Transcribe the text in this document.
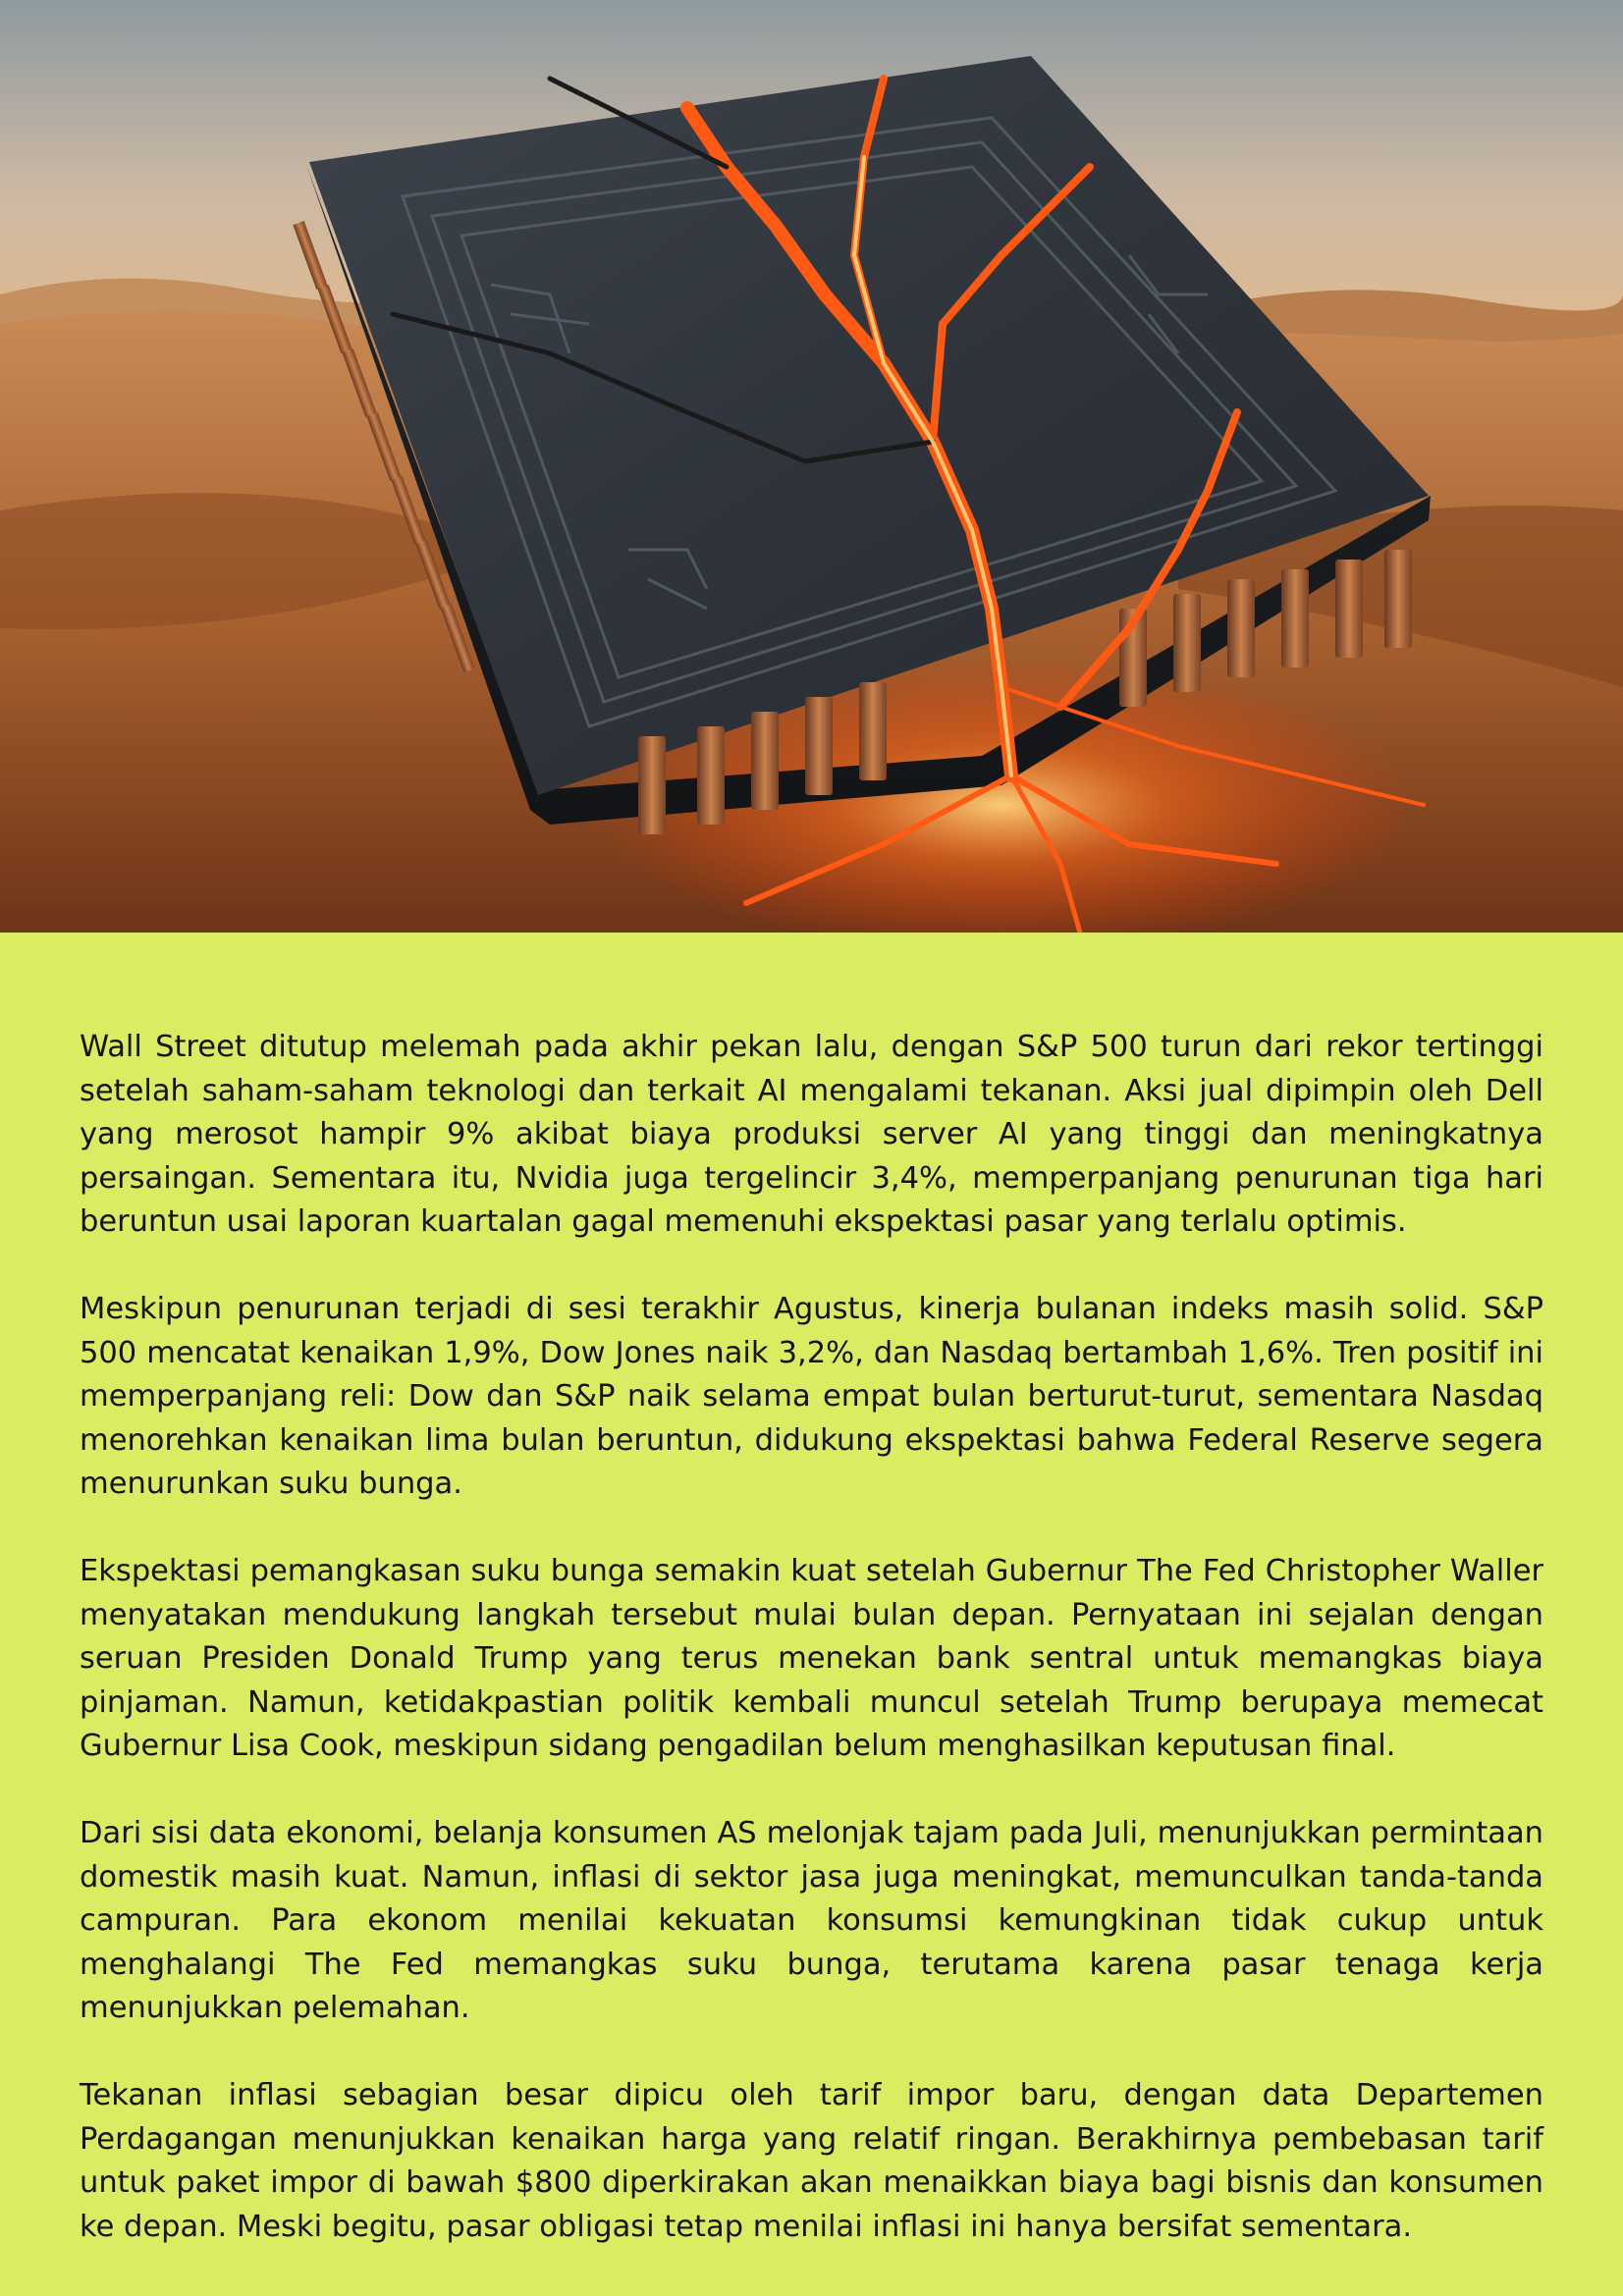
Wall Street ditutup melemah pada akhir pekan lalu, dengan S&P 500 turun dari rekor tertinggi setelah saham-saham teknologi dan terkait AI mengalami tekanan. Aksi jual dipimpin oleh Dell yang merosot hampir 9% akibat biaya produksi server AI yang tinggi dan meningkatnya persaingan. Sementara itu, Nvidia juga tergelincir 3,4%, memperpanjang penurunan tiga hari beruntun usai laporan kuartalan gagal memenuhi ekspektasi pasar yang terlalu optimis.

Meskipun penurunan terjadi di sesi terakhir Agustus, kinerja bulanan indeks masih solid. S&P 500 mencatat kenaikan 1,9%, Dow Jones naik 3,2%, dan Nasdaq bertambah 1,6%. Tren positif ini memperpanjang reli: Dow dan S&P naik selama empat bulan berturut-turut, sementara Nasdaq menorehkan kenaikan lima bulan beruntun, didukung ekspektasi bahwa Federal Reserve segera menurunkan suku bunga.

Ekspektasi pemangkasan suku bunga semakin kuat setelah Gubernur The Fed Christopher Waller menyatakan mendukung langkah tersebut mulai bulan depan. Pernyataan ini sejalan dengan seruan Presiden Donald Trump yang terus menekan bank sentral untuk memangkas biaya pinjaman. Namun, ketidakpastian politik kembali muncul setelah Trump berupaya memecat Gubernur Lisa Cook, meskipun sidang pengadilan belum menghasilkan keputusan final.

Dari sisi data ekonomi, belanja konsumen AS melonjak tajam pada Juli, menunjukkan permintaan domestik masih kuat. Namun, inflasi di sektor jasa juga meningkat, memunculkan tanda-tanda campuran. Para ekonom menilai kekuatan konsumsi kemungkinan tidak cukup untuk menghalangi The Fed memangkas suku bunga, terutama karena pasar tenaga kerja menunjukkan pelemahan.

Tekanan inflasi sebagian besar dipicu oleh tarif impor baru, dengan data Departemen Perdagangan menunjukkan kenaikan harga yang relatif ringan. Berakhirnya pembebasan tarif untuk paket impor di bawah $800 diperkirakan akan menaikkan biaya bagi bisnis dan konsumen ke depan. Meski begitu, pasar obligasi tetap menilai inflasi ini hanya bersifat sementara.
